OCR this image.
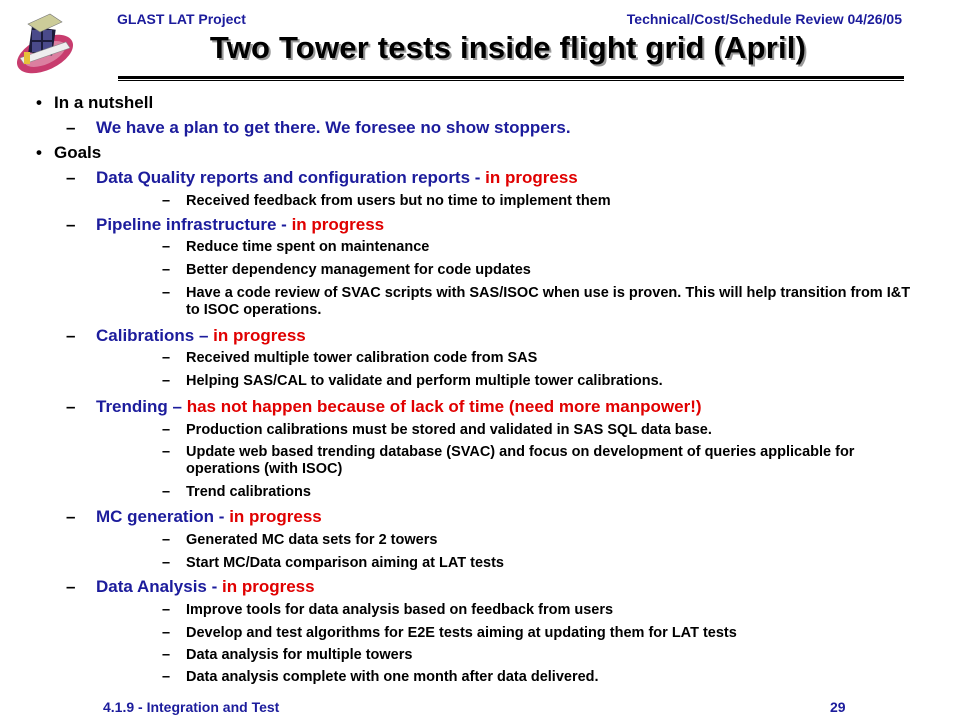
GLAST LAT Project	Technical/Cost/Schedule Review 04/26/05
Two Tower tests inside flight grid (April)
• In a nutshell
– We have a plan to get there. We foresee no show stoppers.
• Goals
– Data Quality reports and configuration reports - in progress
– Received feedback from users but no time to implement them
– Pipeline infrastructure - in progress
– Reduce time spent on maintenance
– Better dependency management for code updates
– Have a code review of SVAC scripts with SAS/ISOC when use is proven. This will help transition from I&T to ISOC operations.
– Calibrations – in progress
– Received multiple tower calibration code from SAS
– Helping SAS/CAL to validate and perform multiple tower calibrations.
– Trending – has not happen because of lack of time (need more manpower!)
– Production calibrations must be stored and validated in SAS SQL data base.
– Update web based trending database (SVAC) and focus on development of queries applicable for operations (with ISOC)
– Trend calibrations
– MC generation - in progress
– Generated MC data sets for 2 towers
– Start MC/Data comparison aiming at LAT tests
– Data Analysis - in progress
– Improve tools for data analysis based on feedback from users
– Develop and test algorithms for E2E tests aiming at updating them for LAT tests
– Data analysis for multiple towers
– Data analysis complete with one month after data delivered.
4.1.9 - Integration and Test	29
